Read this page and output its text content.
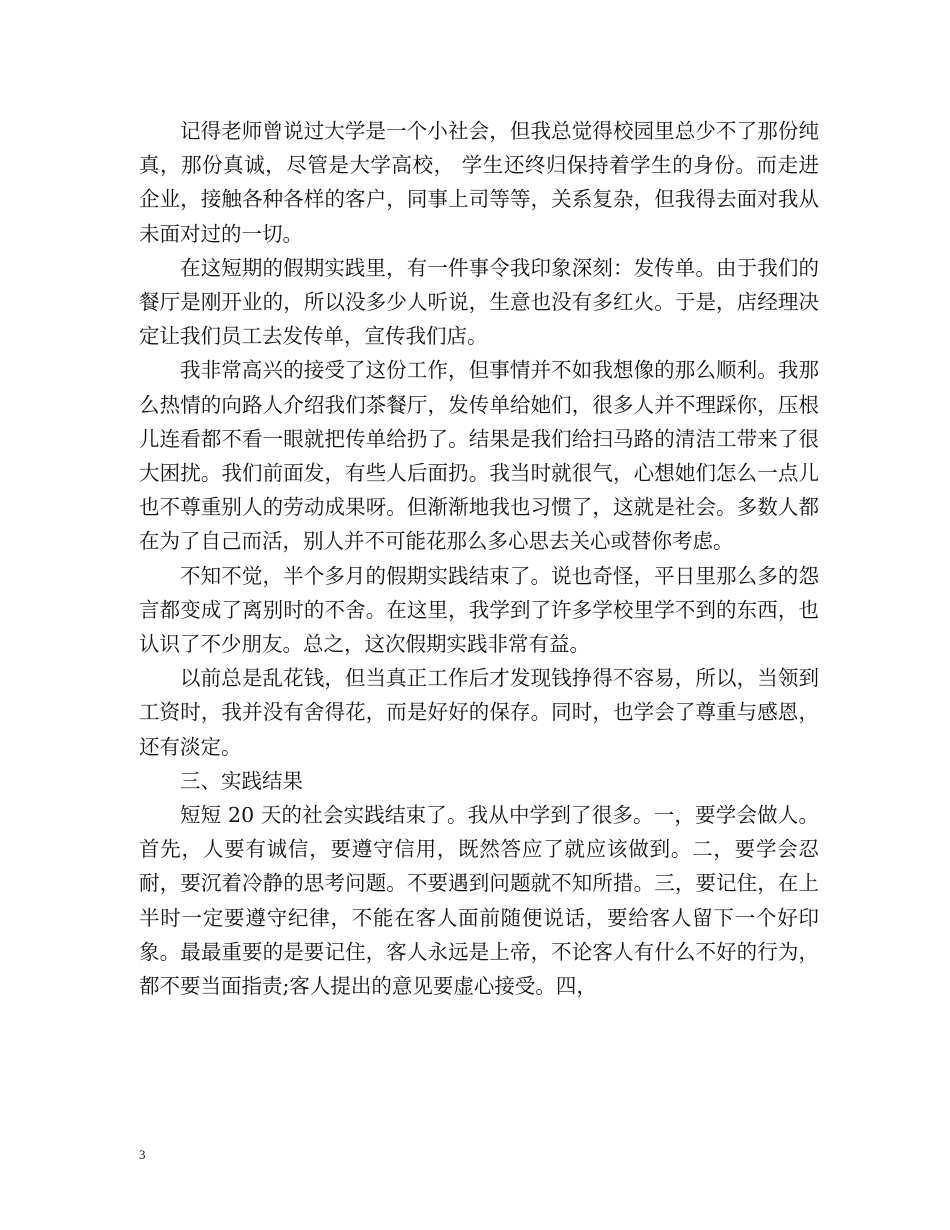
记得老师曾说过大学是一个小社会，但我总觉得校园里总少不了那份纯真，那份真诚，尽管是大学高校， 学生还终归保持着学生的身份。而走进企业，接触各种各样的客户，同事上司等等，关系复杂，但我得去面对我从未面对过的一切。

在这短期的假期实践里，有一件事令我印象深刻：发传单。由于我们的餐厅是刚开业的，所以没多少人听说，生意也没有多红火。于是，店经理决定让我们员工去发传单，宣传我们店。

我非常高兴的接受了这份工作，但事情并不如我想像的那么顺利。我那么热情的向路人介绍我们茶餐厅，发传单给她们，很多人并不理踩你，压根儿连看都不看一眼就把传单给扔了。结果是我们给扫马路的清洁工带来了很大困扰。我们前面发，有些人后面扔。我当时就很气，心想她们怎么一点儿也不尊重别人的劳动成果呀。但渐渐地我也习惯了，这就是社会。多数人都在为了自己而活，别人并不可能花那么多心思去关心或替你考虑。

不知不觉，半个多月的假期实践结束了。说也奇怪，平日里那么多的怨言都变成了离别时的不舍。在这里，我学到了许多学校里学不到的东西，也认识了不少朋友。总之，这次假期实践非常有益。

以前总是乱花钱，但当真正工作后才发现钱挣得不容易，所以，当领到工资时，我并没有舍得花，而是好好的保存。同时，也学会了尊重与感恩，还有淡定。

三、实践结果

短短 20 天的社会实践结束了。我从中学到了很多。一，要学会做人。首先，人要有诚信，要遵守信用，既然答应了就应该做到。二，要学会忍耐，要沉着冷静的思考问题。不要遇到问题就不知所措。三，要记住，在上半时一定要遵守纪律，不能在客人面前随便说话，要给客人留下一个好印象。最最重要的是要记住，客人永远是上帝，不论客人有什么不好的行为，都不要当面指责;客人提出的意见要虚心接受。四，

3
